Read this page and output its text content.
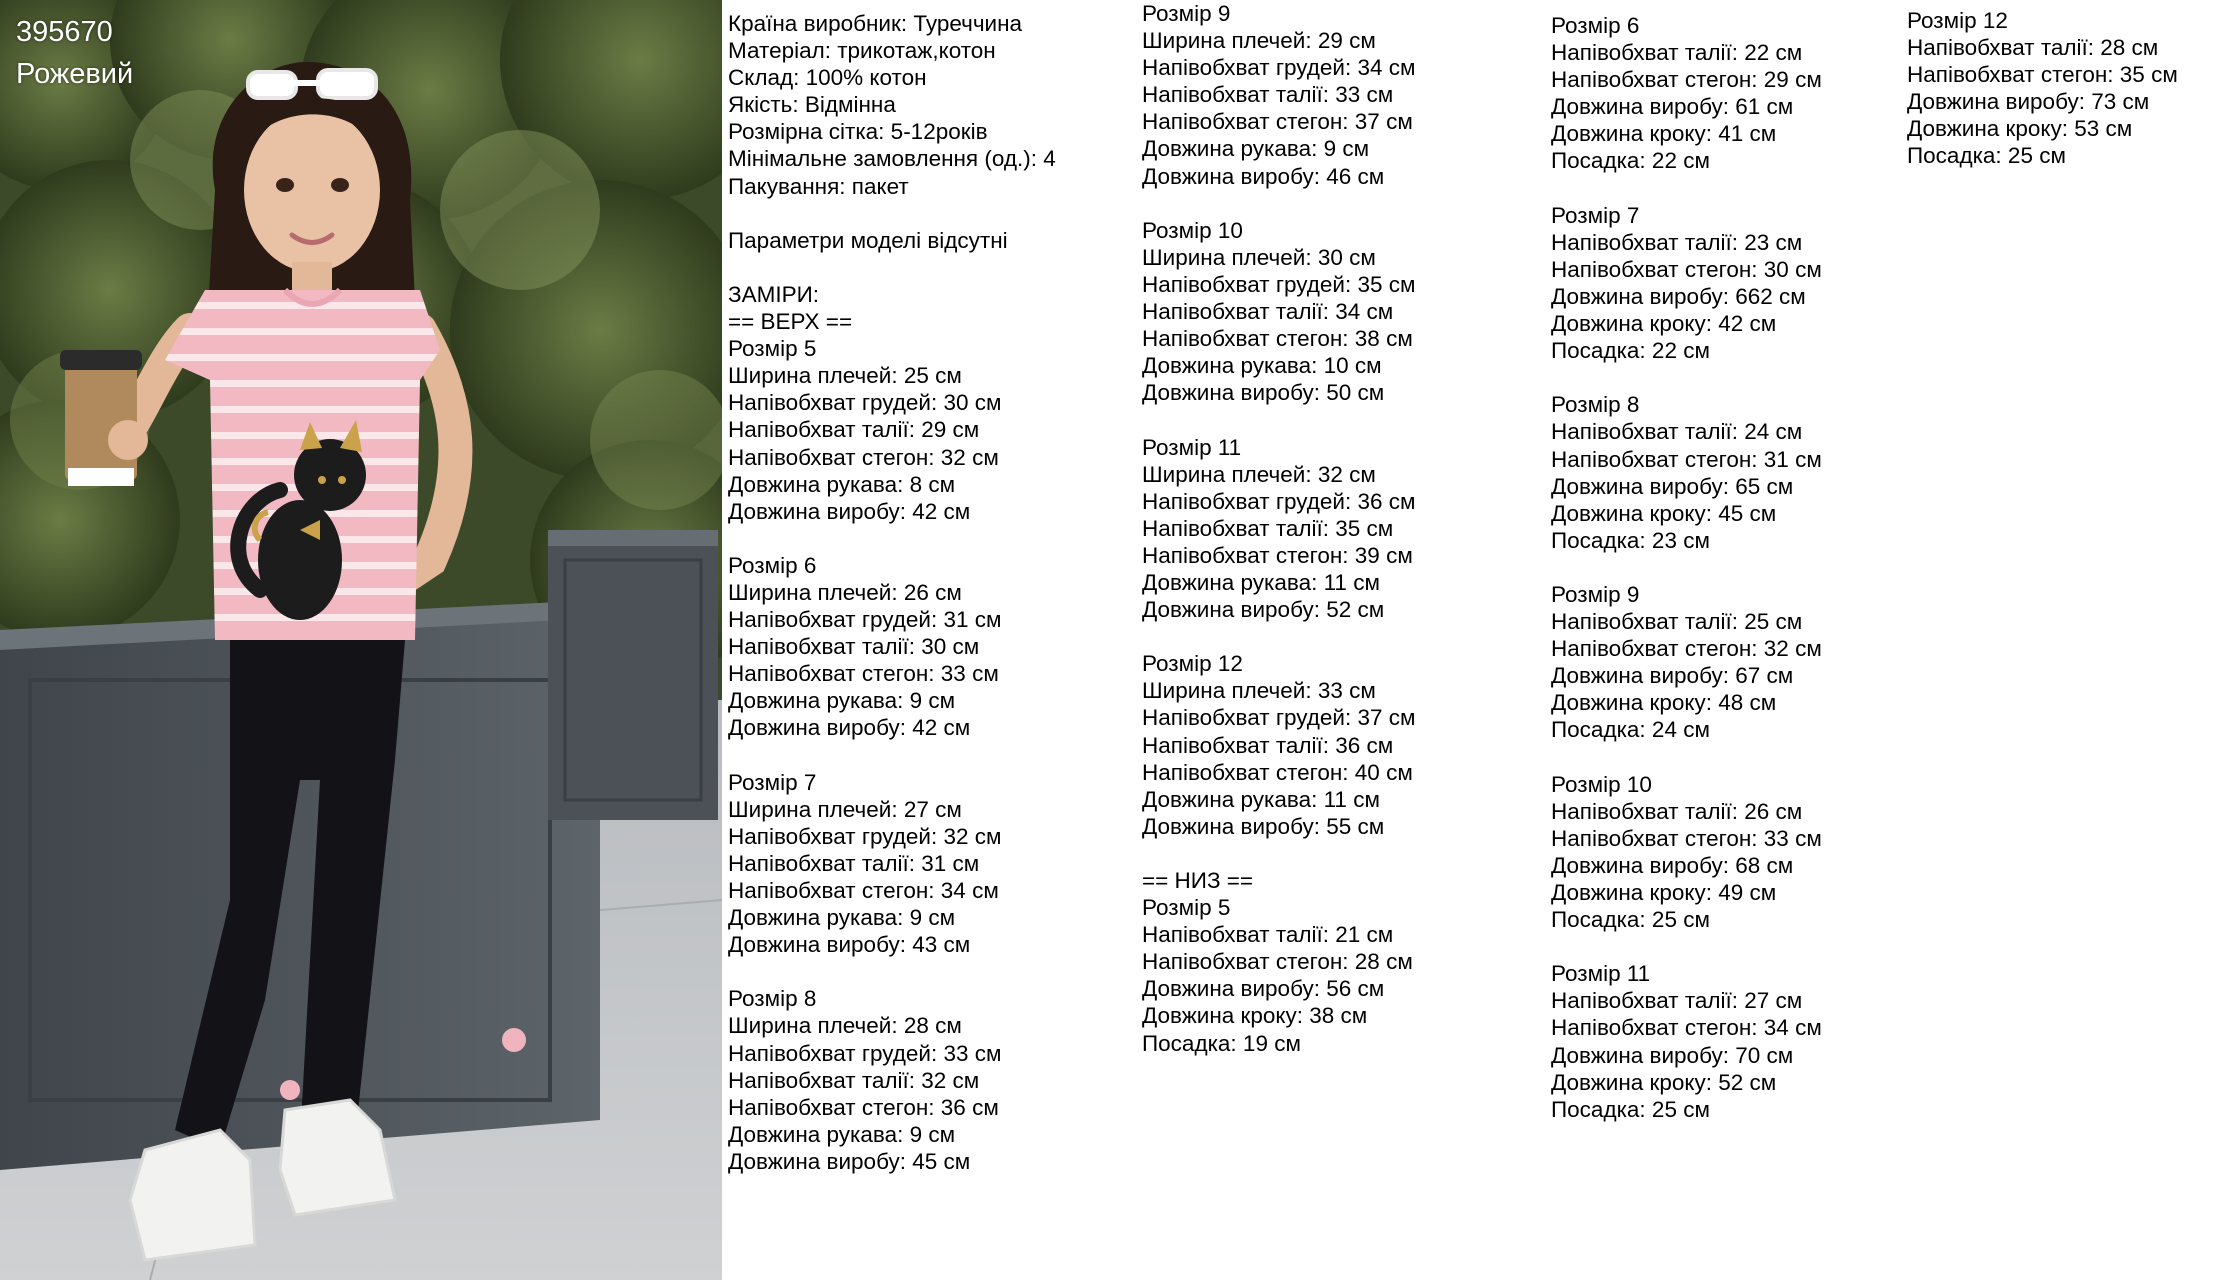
395670
Рожевий
Країна виробник: Туреччина
Матеріал: трикотаж,котон
Склад: 100% котон
Якість: Відмінна
Розмірна сітка: 5-12років
Мінімальне замовлення (од.): 4
Пакування: пакет
Параметри моделі відсутні
ЗАМІРИ:
== ВЕРХ ==
Розмір 5
Ширина плечей: 25 см
Напівобхват грудей: 30 см
Напівобхват талії: 29 см
Напівобхват стегон: 32 см
Довжина рукава: 8 см
Довжина виробу: 42 см
Розмір 6
Ширина плечей: 26 см
Напівобхват грудей: 31 см
Напівобхват талії: 30 см
Напівобхват стегон: 33 см
Довжина рукава: 9 см
Довжина виробу: 42 см
Розмір 7
Ширина плечей: 27 см
Напівобхват грудей: 32 см
Напівобхват талії: 31 см
Напівобхват стегон: 34 см
Довжина рукава: 9 см
Довжина виробу: 43 см
Розмір 8
Ширина плечей: 28 см
Напівобхват грудей: 33 см
Напівобхват талії: 32 см
Напівобхват стегон: 36 см
Довжина рукава: 9 см
Довжина виробу: 45 см
Розмір 9
Ширина плечей: 29 см
Напівобхват грудей: 34 см
Напівобхват талії: 33 см
Напівобхват стегон: 37 см
Довжина рукава: 9 см
Довжина виробу: 46 см
Розмір 10
Ширина плечей: 30 см
Напівобхват грудей: 35 см
Напівобхват талії: 34 см
Напівобхват стегон: 38 см
Довжина рукава: 10 см
Довжина виробу: 50 см
Розмір 11
Ширина плечей: 32 см
Напівобхват грудей: 36 см
Напівобхват талії: 35 см
Напівобхват стегон: 39 см
Довжина рукава: 11 см
Довжина виробу: 52 см
Розмір 12
Ширина плечей: 33 см
Напівобхват грудей: 37 см
Напівобхват талії: 36 см
Напівобхват стегон: 40 см
Довжина рукава: 11 см
Довжина виробу: 55 см
== НИЗ ==
Розмір 5
Напівобхват талії: 21 см
Напівобхват стегон: 28 см
Довжина виробу: 56 см
Довжина кроку: 38 см
Посадка: 19 см
Розмір 6
Напівобхват талії: 22 см
Напівобхват стегон: 29 см
Довжина виробу: 61 см
Довжина кроку: 41 см
Посадка: 22 см
Розмір 7
Напівобхват талії: 23 см
Напівобхват стегон: 30 см
Довжина виробу: 662 см
Довжина кроку: 42 см
Посадка: 22 см
Розмір 8
Напівобхват талії: 24 см
Напівобхват стегон: 31 см
Довжина виробу: 65 см
Довжина кроку: 45 см
Посадка: 23 см
Розмір 9
Напівобхват талії: 25 см
Напівобхват стегон: 32 см
Довжина виробу: 67 см
Довжина кроку: 48 см
Посадка: 24 см
Розмір 10
Напівобхват талії: 26 см
Напівобхват стегон: 33 см
Довжина виробу: 68 см
Довжина кроку: 49 см
Посадка: 25 см
Розмір 11
Напівобхват талії: 27 см
Напівобхват стегон: 34 см
Довжина виробу: 70 см
Довжина кроку: 52 см
Посадка: 25 см
Розмір 12
Напівобхват талії: 28 см
Напівобхват стегон: 35 см
Довжина виробу: 73 см
Довжина кроку: 53 см
Посадка: 25 см
